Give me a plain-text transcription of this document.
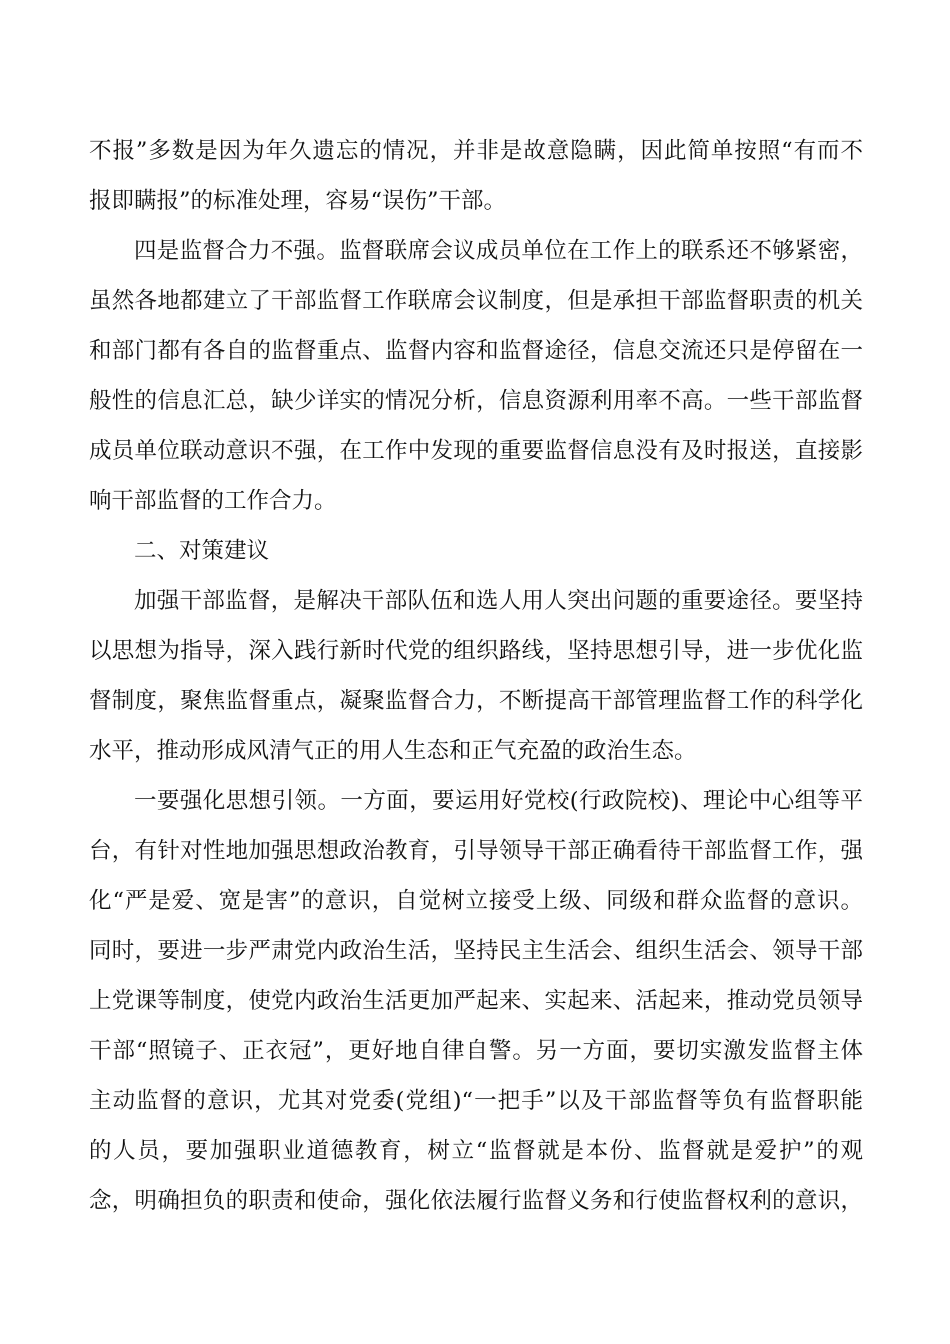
不报”多数是因为年久遗忘的情况，并非是故意隐瞒，因此简单按照“有而不
报即瞒报”的标准处理，容易“误伤”干部。
四是监督合力不强。监督联席会议成员单位在工作上的联系还不够紧密，
虽然各地都建立了干部监督工作联席会议制度，但是承担干部监督职责的机关
和部门都有各自的监督重点、监督内容和监督途径，信息交流还只是停留在一
般性的信息汇总，缺少详实的情况分析，信息资源利用率不高。一些干部监督
成员单位联动意识不强，在工作中发现的重要监督信息没有及时报送，直接影
响干部监督的工作合力。
二、对策建议
加强干部监督，是解决干部队伍和选人用人突出问题的重要途径。要坚持
以思想为指导，深入践行新时代党的组织路线，坚持思想引导，进一步优化监
督制度，聚焦监督重点，凝聚监督合力，不断提高干部管理监督工作的科学化
水平，推动形成风清气正的用人生态和正气充盈的政治生态。
一要强化思想引领。一方面，要运用好党校(行政院校)、理论中心组等平
台，有针对性地加强思想政治教育，引导领导干部正确看待干部监督工作，强
化“严是爱、宽是害”的意识，自觉树立接受上级、同级和群众监督的意识。
同时，要进一步严肃党内政治生活，坚持民主生活会、组织生活会、领导干部
上党课等制度，使党内政治生活更加严起来、实起来、活起来，推动党员领导
干部“照镜子、正衣冠”，更好地自律自警。另一方面，要切实激发监督主体
主动监督的意识，尤其对党委(党组)“一把手”以及干部监督等负有监督职能
的人员，要加强职业道德教育，树立“监督就是本份、监督就是爱护”的观
念，明确担负的职责和使命，强化依法履行监督义务和行使监督权利的意识，
